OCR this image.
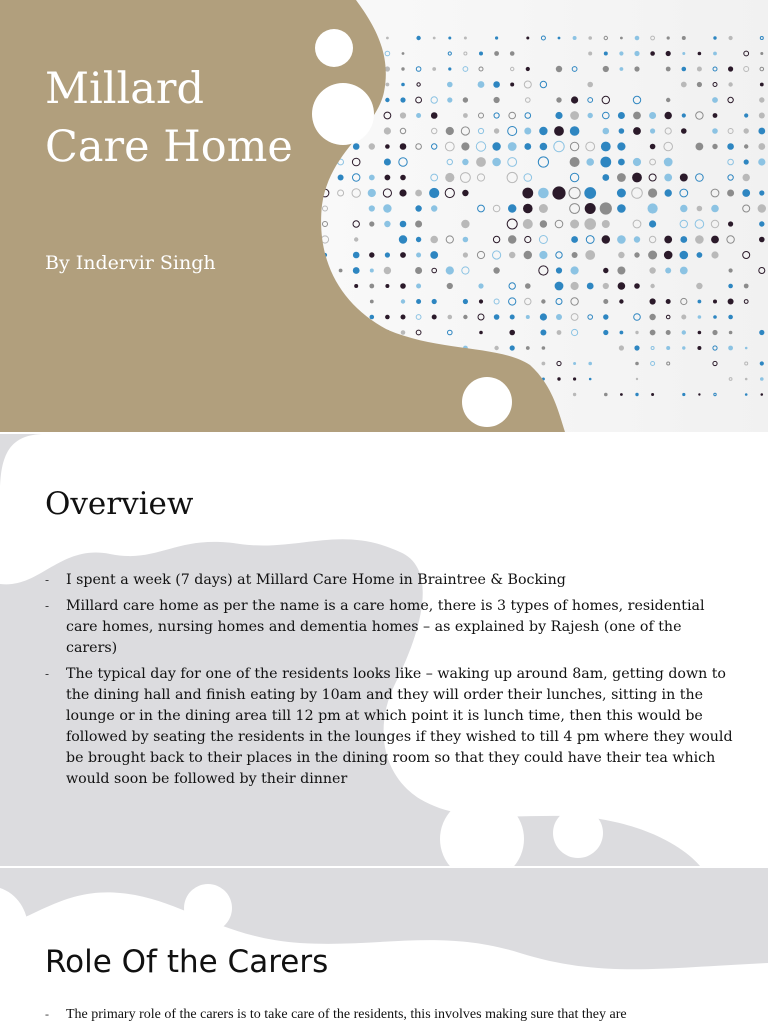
Millard Care Home

By Indervir Singh

Overview
- I spent a week (7 days) at Millard Care Home in Braintree & Bocking
- Millard care home as per the name is a care home, there is 3 types of homes, residential care homes, nursing homes and dementia homes – as explained by Rajesh (one of the carers)
- The typical day for one of the residents looks like – waking up around 8am, getting down to the dining hall and finish eating by 10am and they will order their lunches, sitting in the lounge or in the dining area till 12 pm at which point it is lunch time, then this would be followed by seating the residents in the lounges if they wished to till 4 pm where they would be brought back to their places in the dining room so that they could have their tea which would soon be followed by their dinner
Role Of the Carers
- The primary role of the carers is to take care of the residents, this involves making sure that they are
